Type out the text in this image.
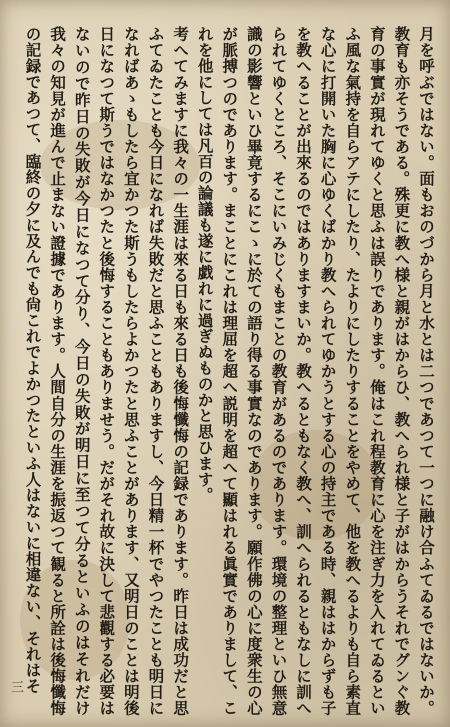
月を呼ぶではない。面もおのづから月と水とは二つであつて一つに融け合ふてゐるではないか。教育も亦そうである。殊更に教へ様と親がはからひ、教へられ様と子がはからうそれでグンぐ教育の事實が現れてゆくと思ふは誤りであります。俺はこれ程教育に心を注ぎ力を入れてゐるといふ風な氣持を自らアテにしたり、たよりにしたりすることをやめて、他を教へるよりも自ら素直な心に打開いた胸に心ゆくばかり教へられてゆかうとする心の持主である時、親ははからずも子を教へることが出來るのではありますまいか。教へるともなく教へ、訓へられるともなしに訓へられてゆくところ、そこにいみじくもまことの教育があるのであります。環境の整理といひ無意識の影響といひ畢竟するにこゝに於ての語り得る事實なのであります。願作佛の心に度衆生の心が脈搏つのであります。まことにこれは理屈を超へ説明を超へて顯はれる眞實でありまして、これを他にしては凡百の論議も遂に戯れに過ぎぬものかと思ひます。

考へてみますに我々の一生涯は來る日も來る日も後悔懺悔の記録であります。昨日は成功だと思ふてゐたことも今日になれば失敗だと思ふこともありますし、今日精一杯でやつたことも明日になればあゝもしたら宜かつた斯うもしたらよかつたと思ふことがあります、又明日のことは明後日になつて斯うではなかつたと後悔することもありませう。だがそれ故に決して悲觀する必要はないので昨日の失敗が今日になつて分り、今日の失敗が明日に至つて分るといふのはそれだけ我々の知見が進んで止まない證據であります。人間自分の生涯を振返つて観ると所詮は後悔懺悔の記録であつて、臨終の夕に及んでも尙これでよかつたといふ人はないに相違ない、それはそ

三
